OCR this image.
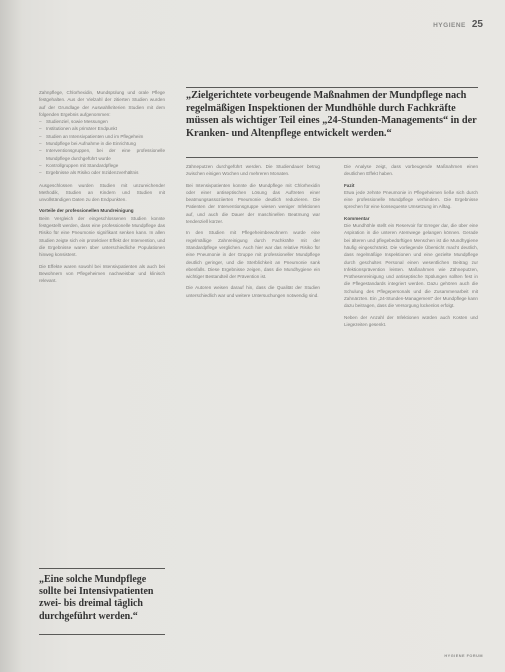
HYGIENE 25
„Zielgerichtete vorbeugende Maßnahmen der Mundpflege nach regelmäßigen Inspektionen der Mundhöhle durch Fachkräfte müssen als wichtiger Teil eines „24-Stunden-Managements“ in der Kranken- und Altenpflege entwickelt werden.“

Zahnpflege, Chlorhexidin, Mundspülung und orale Pflege festgehalten. Aus der Vielzahl der zitierten Studien wurden auf der Grundlage der Auswahlkriterien Studien mit dem folgenden Ergebnis aufgenommen:

– Studienziel, sowie Messungen
– Institutionen als primärer Endpunkt
– Studien an Intensivpatienten und im Pflegeheim
– Mundpflege bei Aufnahme in die Einrichtung
– Interventionsgruppen, bei der eine professionelle Mundpflege durchgeführt wurde
– Kontrollgruppen mit Standardpflege
– Ergebnisse als Risiko oder Inzidenzverhältnis

Ausgeschlossen wurden Studien mit unzureichender Methodik, Studien an Kindern und Studien mit unvollständigen Daten zu den Endpunkten.

Vorteile der professionellen Mundreinigung

Beim Vergleich der eingeschlossenen Studien konnte festgestellt werden, dass eine professionelle Mundpflege das Risiko für eine Pneumonie signifikant senken kann. In allen Studien zeigte sich ein protektiver Effekt der Intervention, und die Ergebnisse waren über unterschiedliche Populationen hinweg konsistent.

Die Effekte waren sowohl bei Intensivpatienten als auch bei Bewohnern von Pflegeheimen nachweisbar und klinisch relevant.

„Eine solche Mundpflege sollte bei Intensivpatienten zwei- bis dreimal täglich durchgeführt werden.“

Zähneputzen durchgeführt werden. Die Studiendauer betrug zwischen einigen Wochen und mehreren Monaten.

Bei Intensivpatienten konnte die Mundpflege mit Chlorhexidin oder einer antiseptischen Lösung das Auftreten einer beatmungsassoziierten Pneumonie deutlich reduzieren. Die Patienten der Interventionsgruppe wiesen weniger Infektionen auf, und auch die Dauer der maschinellen Beatmung war tendenziell kürzer.

In den Studien mit Pflegeheimbewohnern wurde eine regelmäßige Zahnreinigung durch Fachkräfte mit der Standardpflege verglichen. Auch hier war das relative Risiko für eine Pneumonie in der Gruppe mit professioneller Mundpflege deutlich geringer, und die Sterblichkeit an Pneumonie sank ebenfalls. Diese Ergebnisse zeigen, dass die Mundhygiene ein wichtiger Bestandteil der Prävention ist.

Die Autoren weisen darauf hin, dass die Qualität der Studien unterschiedlich war und weitere Untersuchungen notwendig sind.

Die Analyse zeigt, dass vorbeugende Maßnahmen einen deutlichen Effekt haben.

Fazit

Etwa jede zehnte Pneumonie in Pflegeheimen ließe sich durch eine professionelle Mundpflege verhindern. Die Ergebnisse sprechen für eine konsequente Umsetzung im Alltag.

Kommentar

Die Mundhöhle stellt ein Reservoir für Erreger dar, die über eine Aspiration in die unteren Atemwege gelangen können. Gerade bei älteren und pflegebedürftigen Menschen ist die Mundhygiene häufig eingeschränkt. Die vorliegende Übersicht macht deutlich, dass regelmäßige Inspektionen und eine gezielte Mundpflege durch geschultes Personal einen wesentlichen Beitrag zur Infektionsprävention leisten. Maßnahmen wie Zähneputzen, Prothesenreinigung und antiseptische Spülungen sollten fest in die Pflegestandards integriert werden. Dazu gehören auch die Schulung des Pflegepersonals und die Zusammenarbeit mit Zahnärzten. Ein „24-Stunden-Management“ der Mundpflege kann dazu beitragen, dass die Versorgung lückenlos erfolgt.

Neben der Anzahl der Infektionen würden auch Kosten und Liegezeiten gesenkt.

HYGIENE FORUM
